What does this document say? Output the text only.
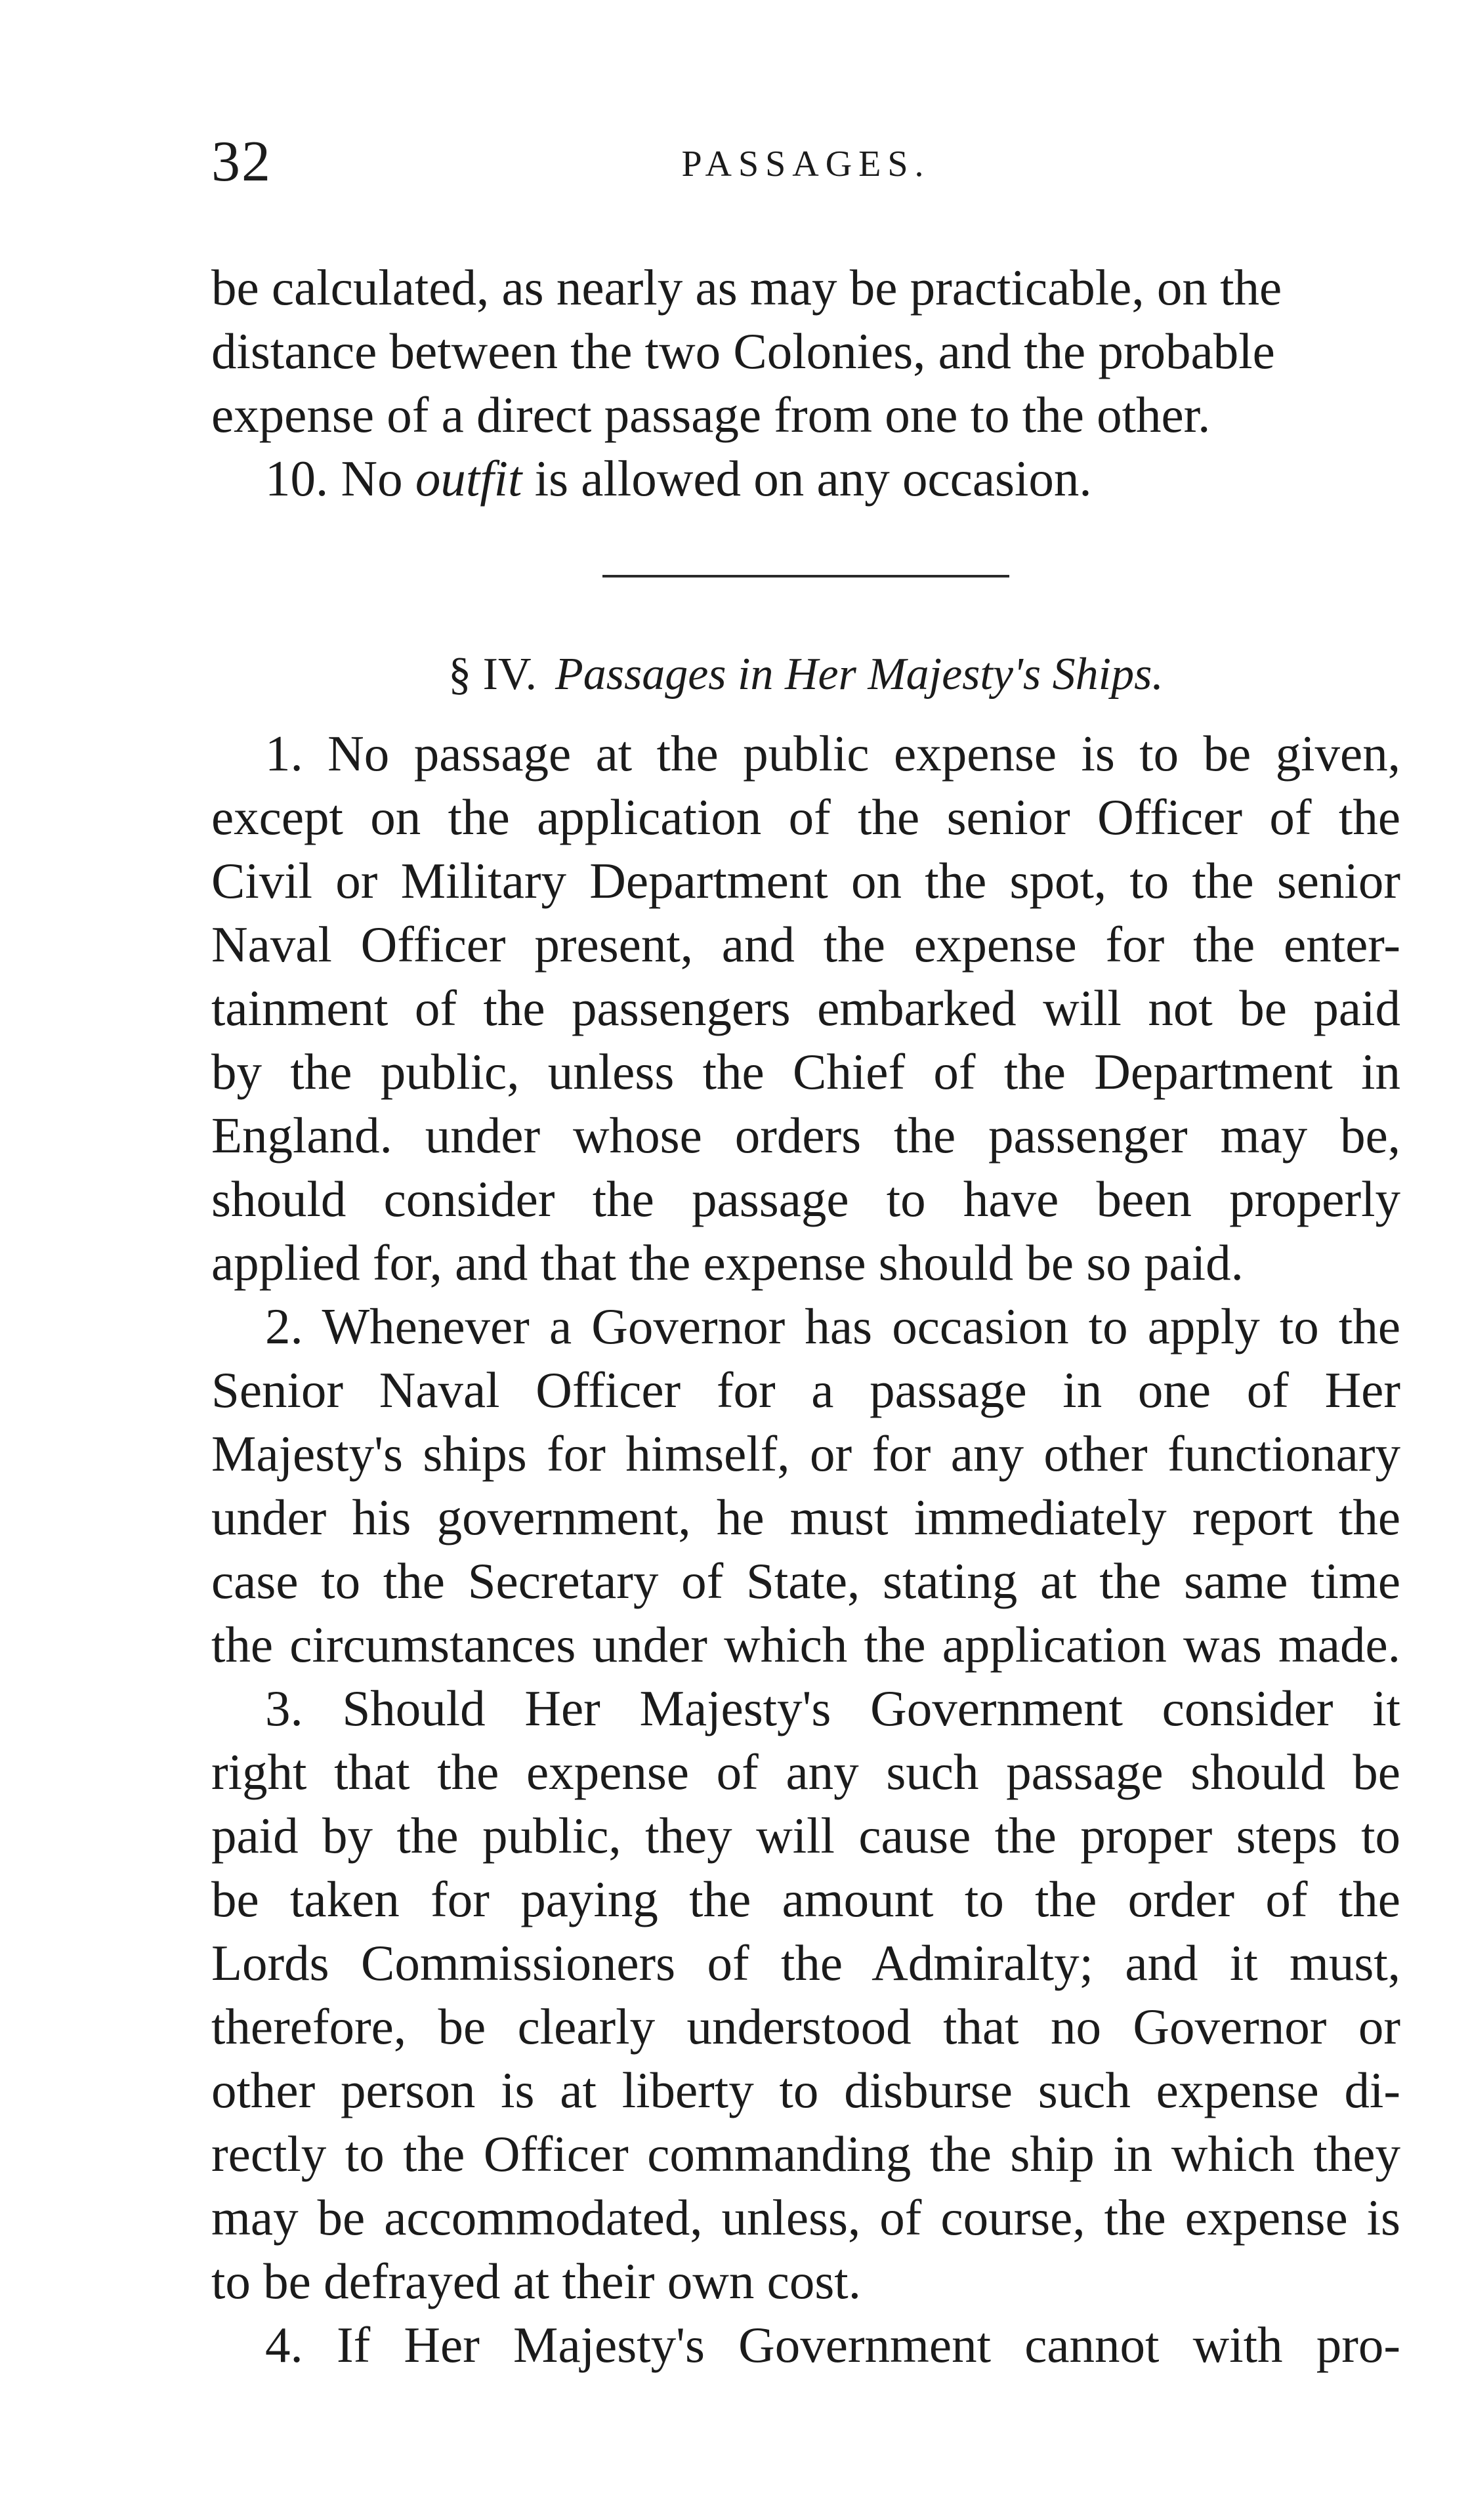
32	PASSAGES.

be calculated, as nearly as may be practicable, on the
distance between the two Colonies, and the probable
expense of a direct passage from one to the other.
10. No outfit is allowed on any occasion.

§ IV. Passages in Her Majesty's Ships.

1. No passage at the public expense is to be given,
except on the application of the senior Officer of the
Civil or Military Department on the spot, to the senior
Naval Officer present, and the expense for the enter-
tainment of the passengers embarked will not be paid
by the public, unless the Chief of the Department in
England. under whose orders the passenger may be,
should consider the passage to have been properly
applied for, and that the expense should be so paid.

2. Whenever a Governor has occasion to apply to the
Senior Naval Officer for a passage in one of Her
Majesty's ships for himself, or for any other functionary
under his government, he must immediately report the
case to the Secretary of State, stating at the same time
the circumstances under which the application was made.

3. Should Her Majesty's Government consider it
right that the expense of any such passage should be
paid by the public, they will cause the proper steps to
be taken for paying the amount to the order of the
Lords Commissioners of the Admiralty; and it must,
therefore, be clearly understood that no Governor or
other person is at liberty to disburse such expense di-
rectly to the Officer commanding the ship in which they
may be accommodated, unless, of course, the expense is
to be defrayed at their own cost.

4. If Her Majesty's Government cannot with pro-
